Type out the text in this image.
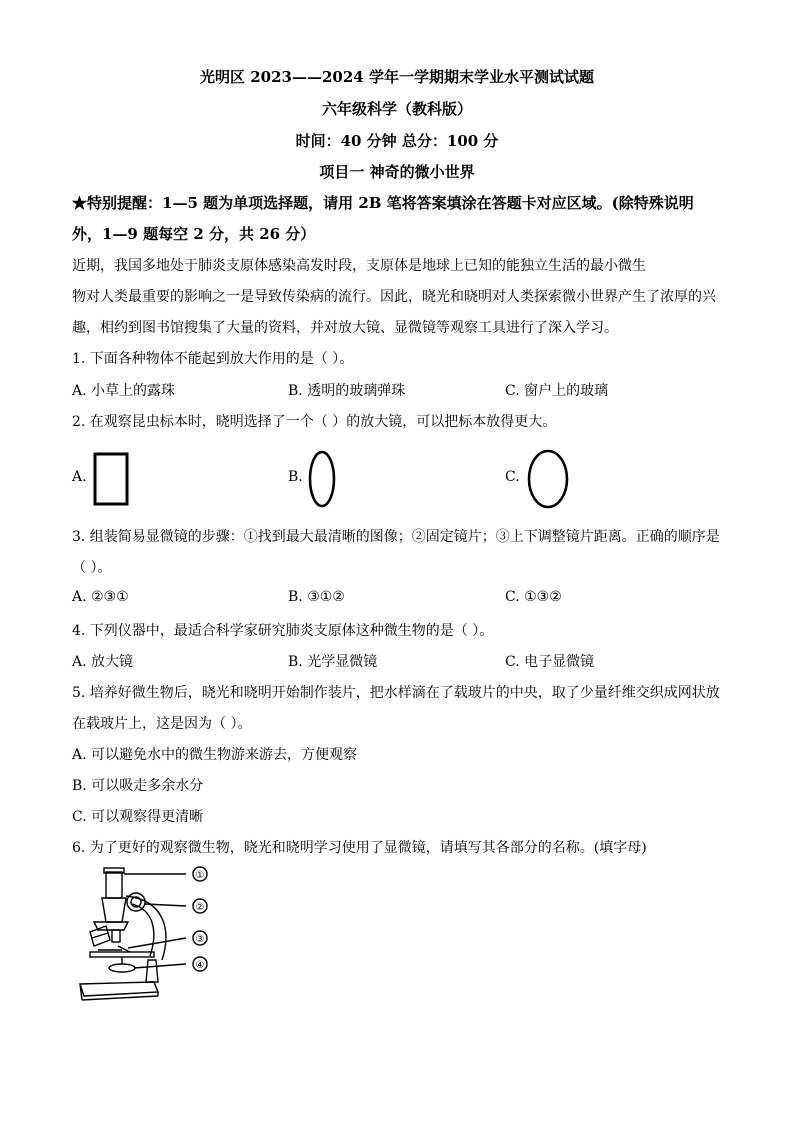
光明区 2023——2024 学年一学期期末学业水平测试试题
六年级科学（教科版）
时间：40 分钟 总分：100 分
项目一 神奇的微小世界
★特别提醒：1—5 题为单项选择题，请用 2B 笔将答案填涂在答题卡对应区域。(除特殊说明
外，1—9 题每空 2 分，共 26 分）
近期，我国多地处于肺炎支原体感染高发时段，支原体是地球上已知的能独立生活的最小微生
物对人类最重要的影响之一是导致传染病的流行。因此，晓光和晓明对人类探索微小世界产生了浓厚的兴
趣，相约到图书馆搜集了大量的资料，并对放大镜、显微镜等观察工具进行了深入学习。
1. 下面各种物体不能起到放大作用的是（ ）。
A. 小草上的露珠	B. 透明的玻璃弹珠	C. 窗户上的玻璃
2. 在观察昆虫标本时，晓明选择了一个（ ）的放大镜，可以把标本放得更大。
A.	B.	C.
3. 组装简易显微镜的步骤：①找到最大最清晰的图像；②固定镜片；③上下调整镜片距离。正确的顺序是
（ ）。
A. ②③①	B. ③①②	C. ①③②
4. 下列仪器中，最适合科学家研究肺炎支原体这种微生物的是（ ）。
A. 放大镜	B. 光学显微镜	C. 电子显微镜
5. 培养好微生物后，晓光和晓明开始制作装片，把水样滴在了载玻片的中央，取了少量纤维交织成网状放
在载玻片上，这是因为（ ）。
A. 可以避免水中的微生物游来游去，方便观察
B. 可以吸走多余水分
C. 可以观察得更清晰
6. 为了更好的观察微生物，晓光和晓明学习使用了显微镜，请填写其各部分的名称。(填字母)
①
②
③
④
